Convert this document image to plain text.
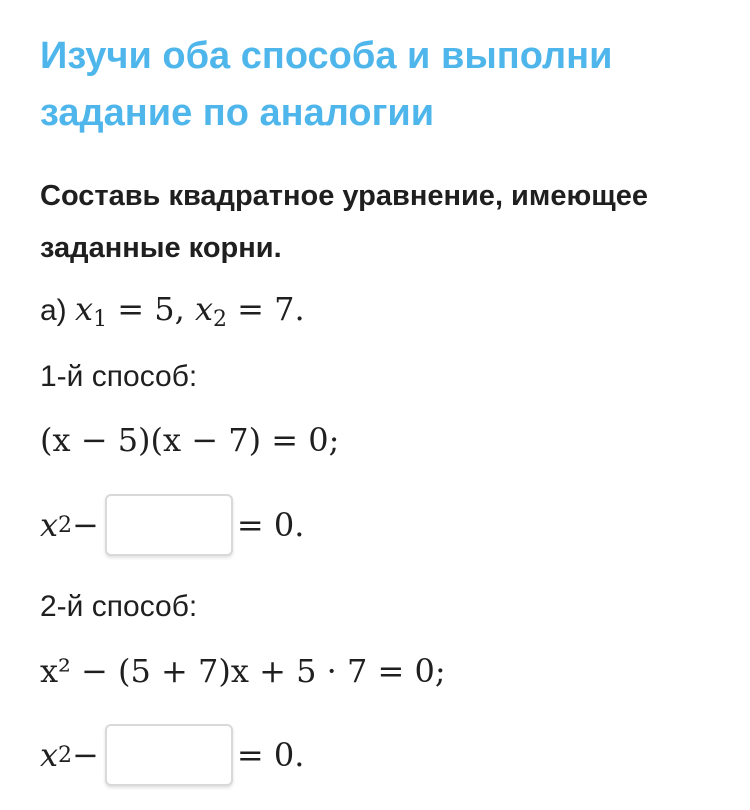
Изучи оба способа и выполни задание по аналогии

Составь квадратное уравнение, имеющее заданные корни.

а) $x_1 = 5$, $x_2 = 7$.
1-й способ:
(x − 5)(x − 7) = 0;
x 2 −	= 0.
2-й способ:
x² − (5 + 7)x + 5 · 7 = 0;
x 2 −	= 0.
